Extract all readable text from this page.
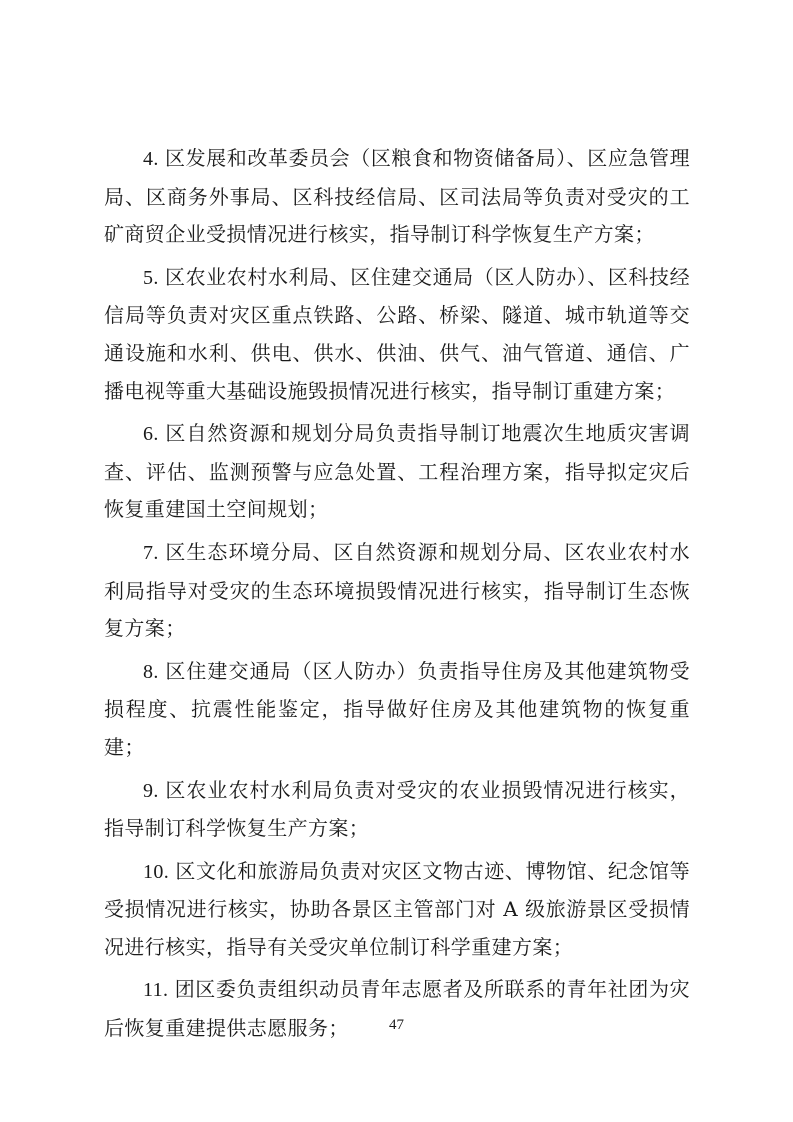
4. 区发展和改革委员会（区粮食和物资储备局）、区应急管理局、区商务外事局、区科技经信局、区司法局等负责对受灾的工矿商贸企业受损情况进行核实，指导制订科学恢复生产方案；

5. 区农业农村水利局、区住建交通局（区人防办）、区科技经信局等负责对灾区重点铁路、公路、桥梁、隧道、城市轨道等交通设施和水利、供电、供水、供油、供气、油气管道、通信、广播电视等重大基础设施毁损情况进行核实，指导制订重建方案；

6. 区自然资源和规划分局负责指导制订地震次生地质灾害调查、评估、监测预警与应急处置、工程治理方案，指导拟定灾后恢复重建国土空间规划；

7. 区生态环境分局、区自然资源和规划分局、区农业农村水利局指导对受灾的生态环境损毁情况进行核实，指导制订生态恢复方案；

8. 区住建交通局（区人防办）负责指导住房及其他建筑物受损程度、抗震性能鉴定，指导做好住房及其他建筑物的恢复重建；

9. 区农业农村水利局负责对受灾的农业损毁情况进行核实，指导制订科学恢复生产方案；

10. 区文化和旅游局负责对灾区文物古迹、博物馆、纪念馆等受损情况进行核实，协助各景区主管部门对 A 级旅游景区受损情况进行核实，指导有关受灾单位制订科学重建方案；

11. 团区委负责组织动员青年志愿者及所联系的青年社团为灾后恢复重建提供志愿服务；	47
